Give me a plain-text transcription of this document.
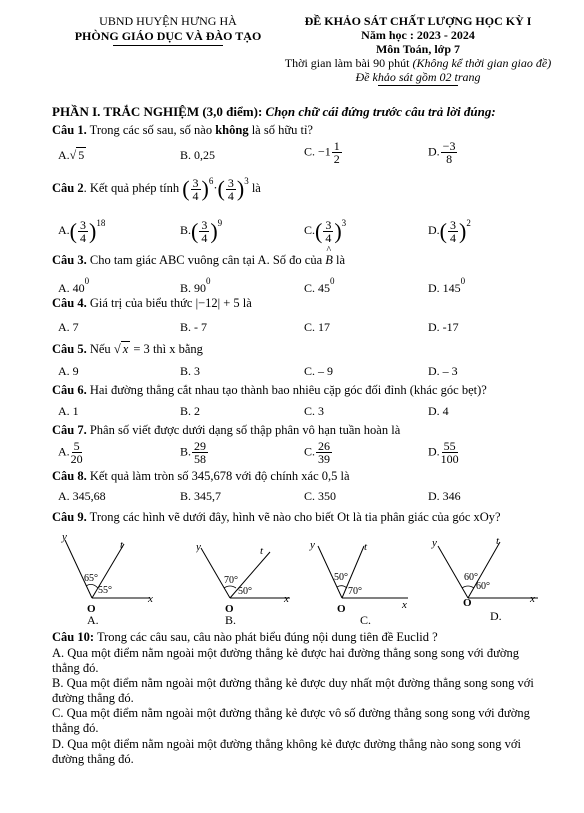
UBND HUYỆN HƯNG HÀ
PHÒNG GIÁO DỤC VÀ ĐÀO TẠO
ĐỀ KHẢO SÁT CHẤT LƯỢNG HỌC KỲ I
Năm học : 2023 - 2024
Môn Toán, lớp 7
Thời gian làm bài 90 phút (Không kể thời gian giao đề)
Đề khảo sát gồm 02 trang
PHẦN I. TRẮC NGHIỆM (3,0 điểm): Chọn chữ cái đứng trước câu trả lời đúng:
Câu 1. Trong các số sau, số nào không là số hữu tỉ?
A.√ 5	B. 0,25	C. $-1 \frac{1}{2}$	D. $\frac{-3}{8}$
Câu 2. Kết quả phép tính ( $\frac{3}{4} )^6\cdot( \frac{3}{4} )^3$ là
$A.( \frac{3}{4} )^{18}$	$B.( \frac{3}{4} )^9$	$C.( \frac{3}{4} )^3$	$D.( \frac{3}{4} )^2$
Câu 3. Cho tam giác ABC vuông cân tại A. Số đo của
^
B là
A. $40^0$	B. $90^0$	C. $45^0$	D. $145^0$
Câu 4. Giá trị của biểu thức |−12| + 5 là
A. 7	B. - 7	C. 17	D. -17
Câu 5. Nếu √ x = 3 thì x bằng
A. 9	B. 3	C. – 9	D. – 3
Câu 6. Hai đường thẳng cắt nhau tạo thành bao nhiêu cặp góc đối đỉnh (khác góc bẹt)?
A. 1	B. 2	C. 3	D. 4
Câu 7. Phân số viết được dưới dạng số thập phân vô hạn tuần hoàn là
A. $\frac{5}{20}$	B. $\frac{29}{58}$	C. $\frac{26}{39}$	D. $\frac{55}{100}$
Câu 8. Kết quả làm tròn số 345,678 với độ chính xác 0,5 là
A. 345,68	B. 345,7	C. 350	D. 346
Câu 9. Trong các hình vẽ dưới đây, hình vẽ nào cho biết Ot là tia phân giác của góc xOy?
y
t
65°
55°
O
x
A.
y	t
70°
50°
O
x
B.
y	t
50°
70°
O	x
C.
y	t
60°
60°
O	x
D.
Câu 10: Trong các câu sau, câu nào phát biểu đúng nội dung tiên đề Euclid ?
A. Qua một điểm nằm ngoài một đường thẳng kẻ được hai đường thẳng song song với đường thẳng đó.
B. Qua một điểm nằm ngoài một đường thẳng kẻ được duy nhất một đường thẳng song song với đường thẳng đó.
C. Qua một điểm nằm ngoài một đường thẳng kẻ được vô số đường thẳng song song với đường thẳng đó.
D. Qua một điểm nằm ngoài một đường thẳng không kẻ được đường thẳng nào song song với đường thẳng đó.
